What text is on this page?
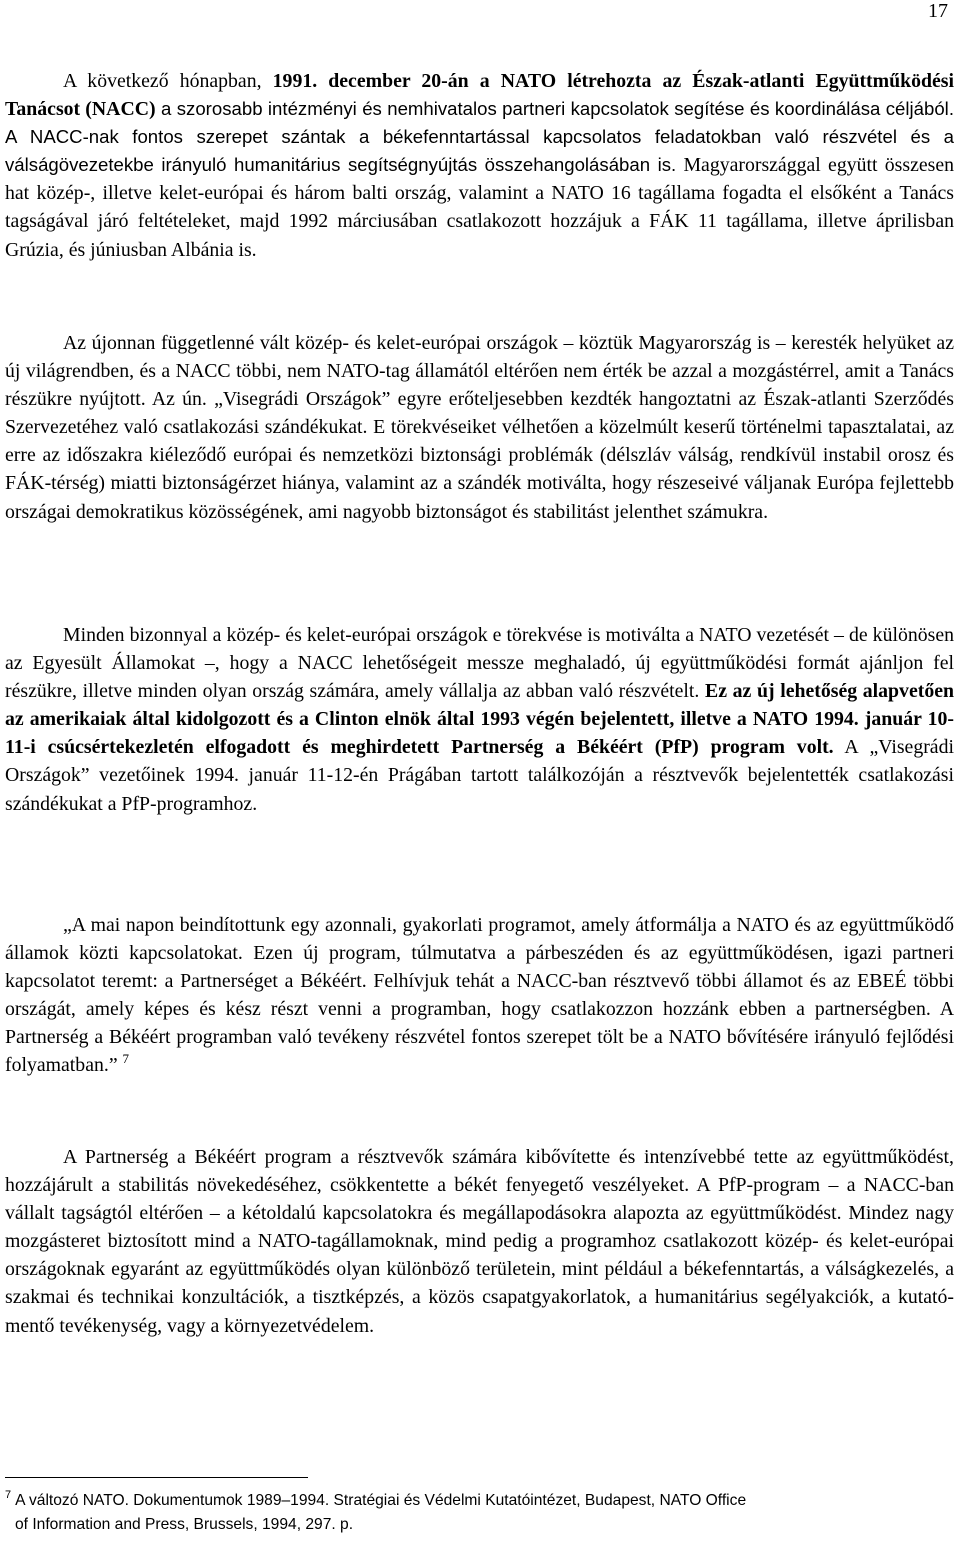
17

A következő hónapban, 1991. december 20-án a NATO létrehozta az Észak-atlanti Együttműködési Tanácsot (NACC) a szorosabb intézményi és nemhivatalos partneri kapcsolatok segítése és koordinálása céljából. A NACC-nak fontos szerepet szántak a békefenntartással kapcsolatos feladatokban való részvétel és a válságövezetekbe irányuló humanitárius segítségnyújtás összehangolásában is. Magyarországgal együtt összesen hat közép-, illetve kelet-európai és három balti ország, valamint a NATO 16 tagállama fogadta el elsőként a Tanács tagságával járó feltételeket, majd 1992 márciusában csatlakozott hozzájuk a FÁK 11 tagállama, illetve áprilisban Grúzia, és júniusban Albánia is.

Az újonnan függetlenné vált közép- és kelet-európai országok – köztük Magyarország is – keresték helyüket az új világrendben, és a NACC többi, nem NATO-tag államától eltérően nem érték be azzal a mozgástérrel, amit a Tanács részükre nyújtott. Az ún. „Visegrádi Országok” egyre erőteljesebben kezdték hangoztatni az Észak-atlanti Szerződés Szervezetéhez való csatlakozási szándékukat. E törekvéseiket vélhetően a közelmúlt keserű történelmi tapasztalatai, az erre az időszakra kiéleződő európai és nemzetközi biztonsági problémák (délszláv válság, rendkívül instabil orosz és FÁK-térség) miatti biztonságérzet hiánya, valamint az a szándék motiválta, hogy részeseivé váljanak Európa fejlettebb országai demokratikus közösségének, ami nagyobb biztonságot és stabilitást jelenthet számukra.

Minden bizonnyal a közép- és kelet-európai országok e törekvése is motiválta a NATO vezetését – de különösen az Egyesült Államokat –, hogy a NACC lehetőségeit messze meghaladó, új együttműködési formát ajánljon fel részükre, illetve minden olyan ország számára, amely vállalja az abban való részvételt. Ez az új lehetőség alapvetően az amerikaiak által kidolgozott és a Clinton elnök által 1993 végén bejelentett, illetve a NATO 1994. január 10-11-i csúcsértekezletén elfogadott és meghirdetett Partnerség a Békéért (PfP) program volt. A „Visegrádi Országok” vezetőinek 1994. január 11-12-én Prágában tartott találkozóján a résztvevők bejelentették csatlakozási szándékukat a PfP-programhoz.

„A mai napon beindítottunk egy azonnali, gyakorlati programot, amely átformálja a NATO és az együttműködő államok közti kapcsolatokat. Ezen új program, túlmutatva a párbeszéden és az együttműködésen, igazi partneri kapcsolatot teremt: a Partnerséget a Békéért. Felhívjuk tehát a NACC-ban résztvevő többi államot és az EBEÉ többi országát, amely képes és kész részt venni a programban, hogy csatlakozzon hozzánk ebben a partnerségben. A Partnerség a Békéért programban való tevékeny részvétel fontos szerepet tölt be a NATO bővítésére irányuló fejlődési folyamatban.” $^7$

A Partnerség a Békéért program a résztvevők számára kibővítette és intenzívebbé tette az együttműködést, hozzájárult a stabilitás növekedéséhez, csökkentette a békét fenyegető veszélyeket. A PfP-program – a NACC-ban vállalt tagságtól eltérően – a kétoldalú kapcsolatokra és megállapodásokra alapozta az együttműködést. Mindez nagy mozgásteret biztosított mind a NATO-tagállamoknak, mind pedig a programhoz csatlakozott közép- és kelet-európai országoknak egyaránt az együttműködés olyan különböző területein, mint például a békefenntartás, a válságkezelés, a szakmai és technikai konzultációk, a tisztképzés, a közös csapatgyakorlatok, a humanitárius segélyakciók, a kutató-mentő tevékenység, vagy a környezetvédelem.

$^7$ A változó NATO. Dokumentumok 1989–1994. Stratégiai és Védelmi Kutatóintézet, Budapest, NATO Office
of Information and Press, Brussels, 1994, 297. p.
